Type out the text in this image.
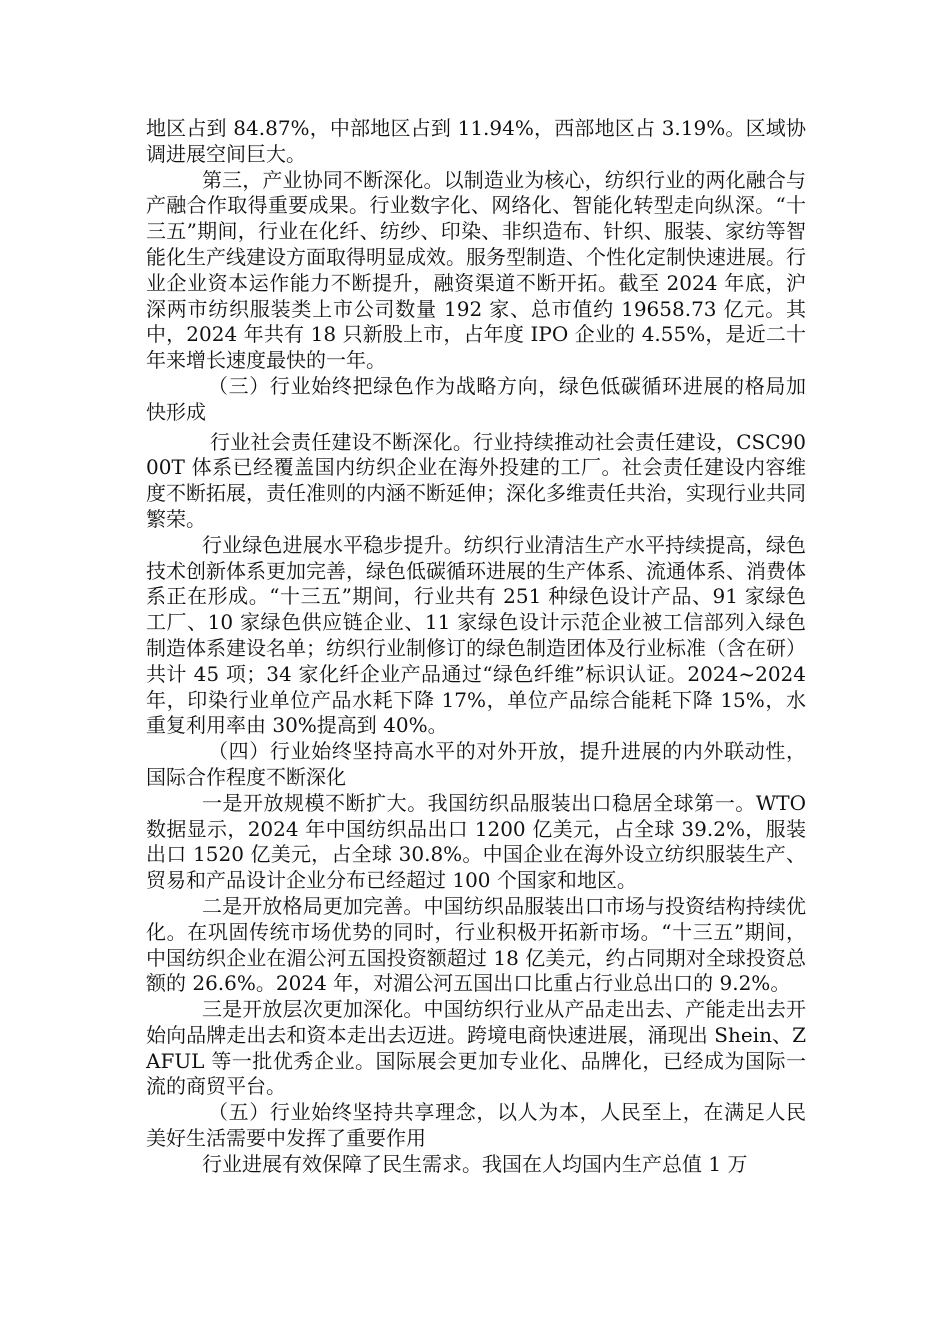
地区占到 84.87%，中部地区占到 11.94%，西部地区占 3.19%。区域协调进展空间巨大。

第三，产业协同不断深化。以制造业为核心，纺织行业的两化融合与产融合作取得重要成果。行业数字化、网络化、智能化转型走向纵深。“十三五”期间，行业在化纤、纺纱、印染、非织造布、针织、服装、家纺等智能化生产线建设方面取得明显成效。服务型制造、个性化定制快速进展。行业企业资本运作能力不断提升，融资渠道不断开拓。截至 2024 年底，沪深两市纺织服装类上市公司数量 192 家、总市值约 19658.73 亿元。其中，2024 年共有 18 只新股上市，占年度 IPO 企业的 4.55%，是近二十年来增长速度最快的一年。

（三）行业始终把绿色作为战略方向，绿色低碳循环进展的格局加快形成

行业社会责任建设不断深化。行业持续推动社会责任建设，CSC9000T 体系已经覆盖国内纺织企业在海外投建的工厂。社会责任建设内容维度不断拓展，责任准则的内涵不断延伸；深化多维责任共治，实现行业共同繁荣。

行业绿色进展水平稳步提升。纺织行业清洁生产水平持续提高，绿色技术创新体系更加完善，绿色低碳循环进展的生产体系、流通体系、消费体系正在形成。“十三五”期间，行业共有 251 种绿色设计产品、91 家绿色工厂、10 家绿色供应链企业、11 家绿色设计示范企业被工信部列入绿色制造体系建设名单；纺织行业制修订的绿色制造团体及行业标准（含在研）共计 45 项；34 家化纤企业产品通过“绿色纤维”标识认证。2024~2024 年，印染行业单位产品水耗下降 17%，单位产品综合能耗下降 15%，水重复利用率由 30%提高到 40%。

（四）行业始终坚持高水平的对外开放，提升进展的内外联动性，国际合作程度不断深化

一是开放规模不断扩大。我国纺织品服装出口稳居全球第一。WTO 数据显示，2024 年中国纺织品出口 1200 亿美元，占全球 39.2%，服装出口 1520 亿美元，占全球 30.8%。中国企业在海外设立纺织服装生产、贸易和产品设计企业分布已经超过 100 个国家和地区。

二是开放格局更加完善。中国纺织品服装出口市场与投资结构持续优化。在巩固传统市场优势的同时，行业积极开拓新市场。“十三五”期间，中国纺织企业在湄公河五国投资额超过 18 亿美元，约占同期对全球投资总额的 26.6%。2024 年，对湄公河五国出口比重占行业总出口的 9.2%。

三是开放层次更加深化。中国纺织行业从产品走出去、产能走出去开始向品牌走出去和资本走出去迈进。跨境电商快速进展，涌现出 Shein、ZAFUL 等一批优秀企业。国际展会更加专业化、品牌化，已经成为国际一流的商贸平台。

（五）行业始终坚持共享理念，以人为本，人民至上，在满足人民美好生活需要中发挥了重要作用

行业进展有效保障了民生需求。我国在人均国内生产总值 1 万
